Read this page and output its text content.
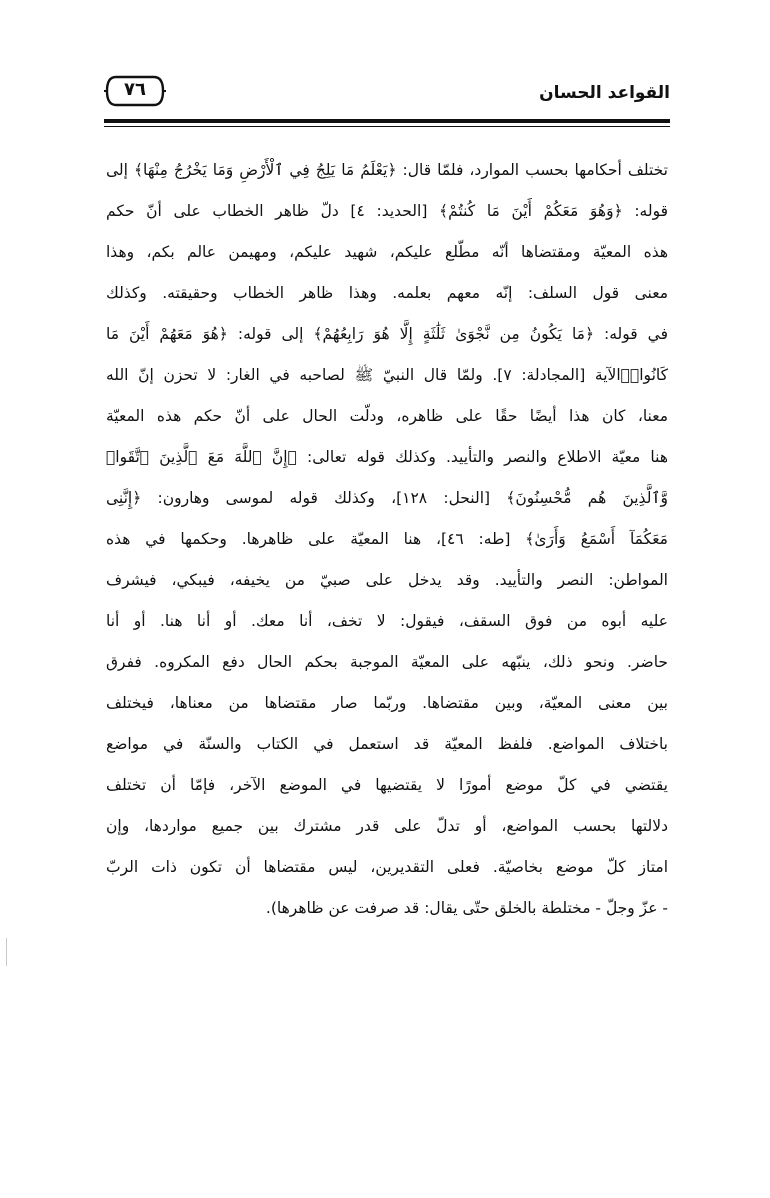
القواعد الحسان
٧٦
تختلف أحكامها بحسب الموارد، فلمّا قال: ﴿يَعْلَمُ مَا يَلِجُ فِي ٱلْأَرْضِ وَمَا يَخْرُجُ مِنْهَا﴾ إلى
قوله: ﴿وَهُوَ مَعَكُمْ أَيْنَ مَا كُنتُمْ﴾ [الحديد: ٤] دلّ ظاهر الخطاب على أنّ حكم
هذه المعيّة ومقتضاها أنّه مطّلع عليكم، شهيد عليكم، ومهيمن عالم بكم، وهذا
معنى قول السلف: إنّه معهم بعلمه. وهذا ظاهر الخطاب وحقيقته. وكذلك
في قوله: ﴿مَا يَكُونُ مِن نَّجْوَىٰ ثَلَٰثَةٍ إِلَّا هُوَ رَابِعُهُمْ﴾ إلى قوله: ﴿هُوَ مَعَهُمْ أَيْنَ مَا
كَانُوا۟﴾الآية [المجادلة: ٧]. ولمّا قال النبيّ ﷺ لصاحبه في الغار: لا تحزن إنّ الله
معنا، كان هذا أيضًا حقًا على ظاهره، ودلّت الحال على أنّ حكم هذه المعيّة
هنا معيّة الاطلاع والنصر والتأييد. وكذلك قوله تعالى: ﴿إِنَّ ٱللَّهَ مَعَ ٱلَّذِينَ ٱتَّقَوا۟
وَّٱلَّذِينَ هُم مُّحْسِنُونَ﴾ [النحل: ١٢٨]، وكذلك قوله لموسى وهارون: ﴿إِنَّنِى
مَعَكُمَآ أَسْمَعُ وَأَرَىٰ﴾ [طه: ٤٦]، هنا المعيّة على ظاهرها. وحكمها في هذه
المواطن: النصر والتأييد. وقد يدخل على صبيّ من يخيفه، فيبكي، فيشرف
عليه أبوه من فوق السقف، فيقول: لا تخف، أنا معك. أو أنا هنا. أو أنا
حاضر. ونحو ذلك، ينبّهه على المعيّة الموجبة بحكم الحال دفع المكروه. ففرق
بين معنى المعيّة، وبين مقتضاها. وربّما صار مقتضاها من معناها، فيختلف
باختلاف المواضع. فلفظ المعيّة قد استعمل في الكتاب والسنّة في مواضع
يقتضي في كلّ موضع أمورًا لا يقتضيها في الموضع الآخر، فإمّا أن تختلف
دلالتها بحسب المواضع، أو تدلّ على قدر مشترك بين جميع مواردها، وإن
امتاز كلّ موضع بخاصيّة. فعلى التقديرين، ليس مقتضاها أن تكون ذات الربّ
- عزّ وجلّ - مختلطة بالخلق حتّى يقال: قد صرفت عن ظاهرها).
